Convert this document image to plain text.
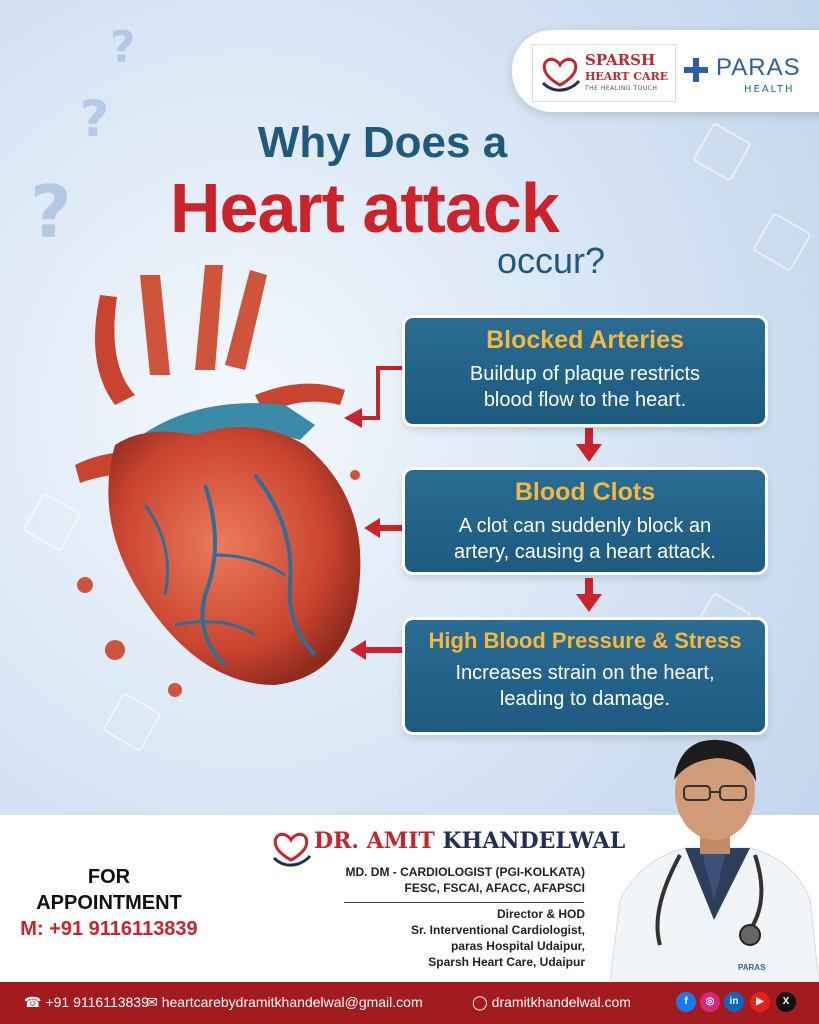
?
?
?
SPARSH
HEART CARE
THE HEALING TOUCH
PARAS
HEALTH
Why Does a
Heart attack
occur?
Blocked Arteries
Buildup of plaque restricts
blood flow to the heart.
Blood Clots
A clot can suddenly block an
artery, causing a heart attack.
High Blood Pressure & Stress
Increases strain on the heart,
leading to damage.
FOR
APPOINTMENT
M: +91 9116113839
DR. AMIT KHANDELWAL
MD. DM - CARDIOLOGIST (PGI-KOLKATA)
FESC, FSCAI, AFACC, AFAPSCI
Director & HOD
Sr. Interventional Cardiologist,
paras Hospital Udaipur,
Sparsh Heart Care, Udaipur	PARAS
☎ +91 9116113839
✉ heartcarebydramitkhandelwal@gmail.com	◯ dramitkhandelwal.com	f	◎	in	▶	X
